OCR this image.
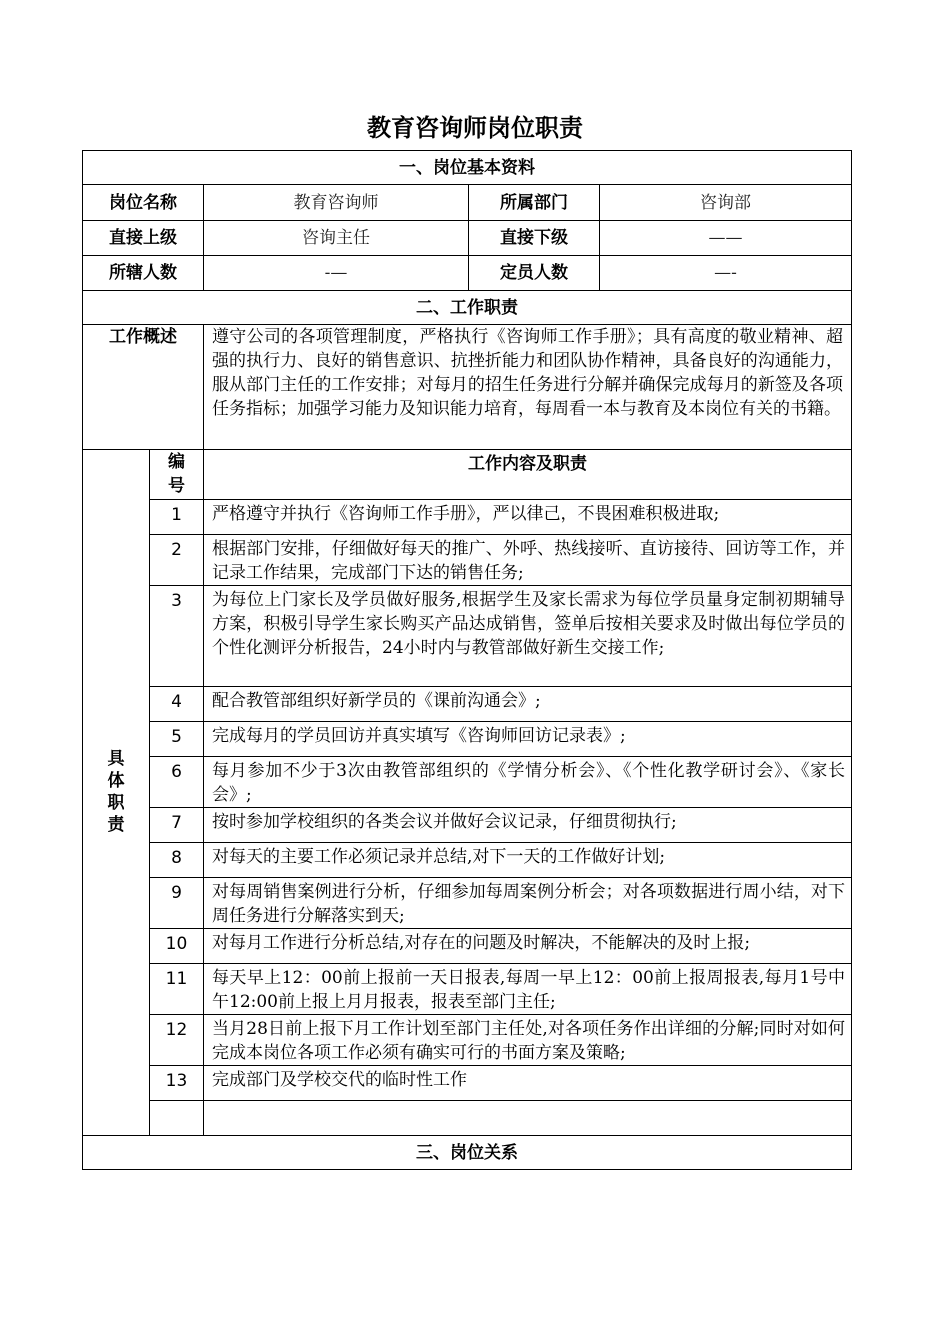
教育咨询师岗位职责
一、岗位基本资料				
岗位名称		教育咨询师	所属部门	咨询部
直接上级		咨询主任	直接下级	——
所辖人数		-—	定员人数	—-
二、工作职责				
工作概述		遵守公司的各项管理制度，严格执行《咨询师工作手册》；具有高度的敬业精神、超强的执行力、良好的销售意识、抗挫折能力和团队协作精神，具备良好的沟通能力，服从部门主任的工作安排；对每月的招生任务进行分解并确保完成每月的新签及各项任务指标；加强学习能力及知识能力培育，每周看一本与教育及本岗位有关的书籍。		
具体职责	编号	工作内容及职责		
	1	严格遵守并执行《咨询师工作手册》，严以律己，不畏困难积极进取;		
	2	根据部门安排，仔细做好每天的推广、外呼、热线接听、直访接待、回访等工作，并记录工作结果，完成部门下达的销售任务;		
	3	为每位上门家长及学员做好服务,根据学生及家长需求为每位学员量身定制初期辅导方案，积极引导学生家长购买产品达成销售，签单后按相关要求及时做出每位学员的个性化测评分析报告，24小时内与教管部做好新生交接工作;		
	4	配合教管部组织好新学员的《课前沟通会》;		
	5	完成每月的学员回访并真实填写《咨询师回访记录表》;		
	6	每月参加不少于3次由教管部组织的《学情分析会》、《个性化教学研讨会》、《家长会》;		
	7	按时参加学校组织的各类会议并做好会议记录，仔细贯彻执行;		
	8	对每天的主要工作必须记录并总结,对下一天的工作做好计划;		
	9	对每周销售案例进行分析，仔细参加每周案例分析会；对各项数据进行周小结，对下周任务进行分解落实到天;		
	10	对每月工作进行分析总结,对存在的问题及时解决，不能解决的及时上报;		
	11	每天早上12：00前上报前一天日报表,每周一早上12：00前上报周报表,每月1号中午12:00前上报上月月报表，报表至部门主任;		
	12	当月28日前上报下月工作计划至部门主任处,对各项任务作出详细的分解;同时对如何完成本岗位各项工作必须有确实可行的书面方案及策略;		
	13	完成部门及学校交代的临时性工作		

三、岗位关系				
